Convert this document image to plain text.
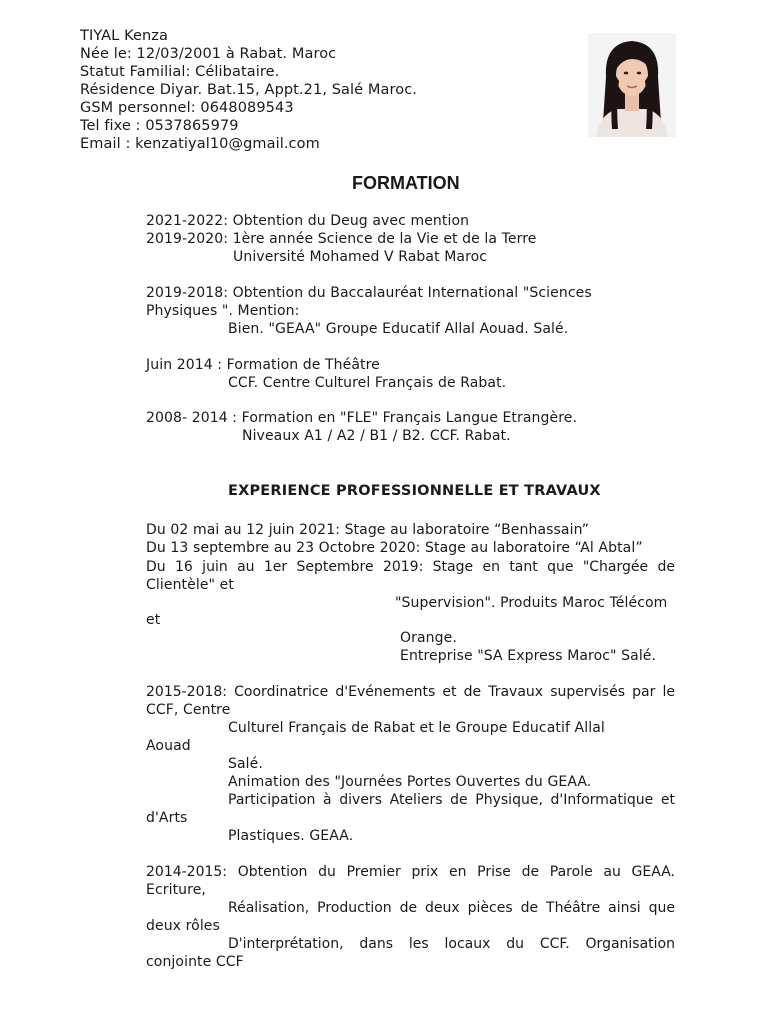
TIYAL Kenza
Née le: 12/03/2001 à Rabat. Maroc
Statut Familial: Célibataire.
Résidence Diyar. Bat.15, Appt.21, Salé Maroc.
GSM personnel: 0648089543
Tel fixe : 0537865979
Email : kenzatiyal10@gmail.com
FORMATION
2021-2022: Obtention du Deug avec mention
2019-2020: 1ère année Science de la Vie et de la Terre
Université Mohamed V Rabat Maroc
2019-2018: Obtention du Baccalauréat International "Sciences
Physiques ". Mention:
Bien. "GEAA" Groupe Educatif Allal Aouad. Salé.
Juin 2014 : Formation de Théâtre
CCF. Centre Culturel Français de Rabat.
2008- 2014 : Formation en "FLE" Français Langue Etrangère.
Niveaux A1 / A2 / B1 / B2. CCF. Rabat.
EXPERIENCE PROFESSIONNELLE ET TRAVAUX
Du 02 mai au 12 juin 2021: Stage au laboratoire “Benhassain”
Du 13 septembre au 23 Octobre 2020: Stage au laboratoire “Al Abtal”
Du 16 juin au 1er Septembre 2019: Stage en tant que "Chargée de
Clientèle" et
"Supervision". Produits Maroc Télécom
et
Orange.
Entreprise "SA Express Maroc" Salé.
2015-2018: Coordinatrice d'Evénements et de Travaux supervisés par le
CCF, Centre
Culturel Français de Rabat et le Groupe Educatif Allal
Aouad
Salé.
Animation des "Journées Portes Ouvertes du GEAA.
Participation à divers Ateliers de Physique, d'Informatique et
d'Arts
Plastiques. GEAA.
2014-2015: Obtention du Premier prix en Prise de Parole au GEAA.
Ecriture,
Réalisation, Production de deux pièces de Théâtre ainsi que
deux rôles
D'interprétation, dans les locaux du CCF. Organisation
conjointe CCF
